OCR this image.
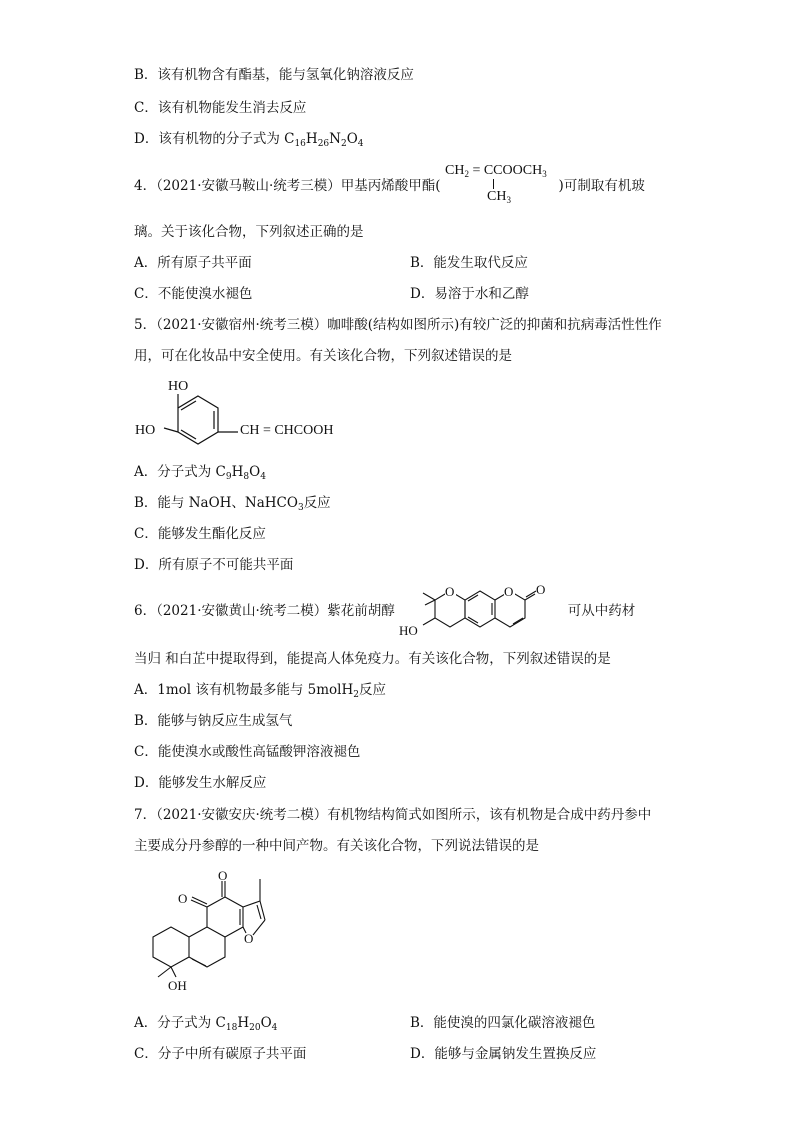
B．该有机物含有酯基，能与氢氧化钠溶液反应
C．该有机物能发生消去反应
D．该有机物的分子式为 $C_{16}H_{26}N_2O_4$
4．（2021·安徽马鞍山·统考三模）甲基丙烯酸甲酯(	)可制取有机玻
$CH_2$ = $CCOOCH_3$
$CH_3$
璃。关于该化合物，下列叙述正确的是
A．所有原子共平面	B．能发生取代反应
C．不能使溴水褪色	D．易溶于水和乙醇
5．（2021·安徽宿州·统考三模）咖啡酸(结构如图所示)有较广泛的抑菌和抗病毒活性性作
用，可在化妆品中安全使用。有关该化合物，下列叙述错误的是
HO
HO	CH = CHCOOH
A．分子式为 $C_9H_8O_4$
B．能与 NaOH、NaHCO$_3$反应
C．能够发生酯化反应
D．所有原子不可能共平面
6．（2021·安徽黄山·统考二模）紫花前胡醇	可从中药材
O	O O
HO
当归 和白芷中提取得到，能提高人体免疫力。有关该化合物，下列叙述错误的是
A．1mol 该有机物最多能与 5molH$_2$反应
B．能够与钠反应生成氢气
C．能使溴水或酸性高锰酸钾溶液褪色
D．能够发生水解反应
7．（2021·安徽安庆·统考二模）有机物结构简式如图所示，该有机物是合成中药丹参中
主要成分丹参醇的一种中间产物。有关该化合物，下列说法错误的是
O
O
O
OH
A．分子式为 $C_{18}H_{20}O_4$	B．能使溴的四氯化碳溶液褪色
C．分子中所有碳原子共平面	D．能够与金属钠发生置换反应
